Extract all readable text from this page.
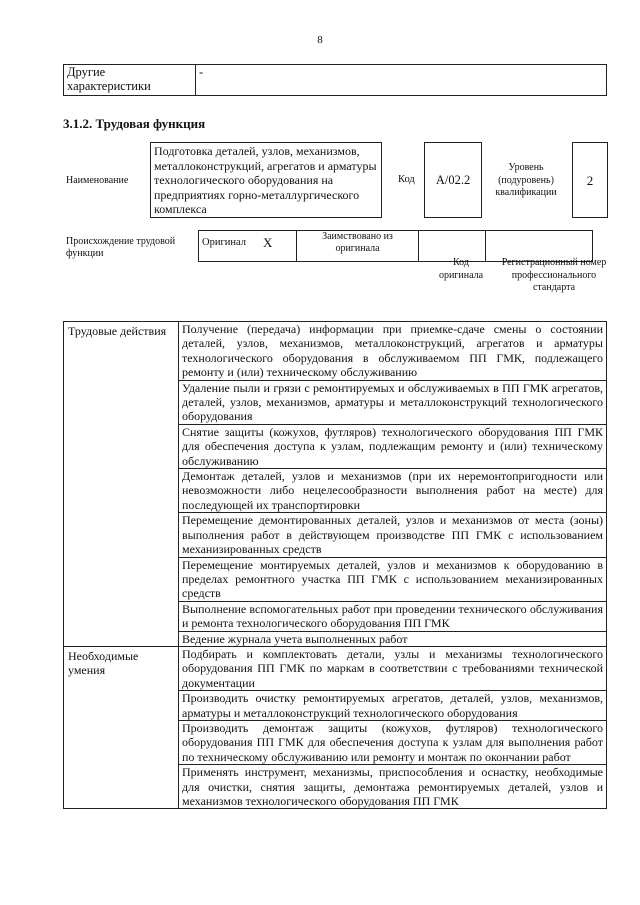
8
Другие характеристики	-
3.1.2. Трудовая функция
Наименование
Подготовка деталей, узлов, механизмов, металлоконструкций, агрегатов и арматуры технологического оборудования на предприятиях горно-металлургического комплекса
Код	А/02.2
Уровень (подуровень) квалификации
2
Происхождение трудовой функции
Оригинал	X	Заимствовано из оригинала		
Код оригинала
Регистрационный номер профессионального стандарта
Трудовые действия	Получение (передача) информации при приемке-сдаче смены о состоянии деталей, узлов, механизмов, металлоконструкций, агрегатов и арматуры технологического оборудования в обслуживаемом ПП ГМК, подлежащего ремонту и (или) техническому обслуживанию
	Удаление пыли и грязи с ремонтируемых и обслуживаемых в ПП ГМК агрегатов, деталей, узлов, механизмов, арматуры и металлоконструкций технологического оборудования
	Снятие защиты (кожухов, футляров) технологического оборудования ПП ГМК для обеспечения доступа к узлам, подлежащим ремонту и (или) техническому обслуживанию
	Демонтаж деталей, узлов и механизмов (при их неремонтопригодности или невозможности либо нецелесообразности выполнения работ на месте) для последующей их транспортировки
	Перемещение демонтированных деталей, узлов и механизмов от места (зоны) выполнения работ в действующем производстве ПП ГМК с использованием механизированных средств
	Перемещение монтируемых деталей, узлов и механизмов к оборудованию в пределах ремонтного участка ПП ГМК с использованием механизированных средств
	Выполнение вспомогательных работ при проведении технического обслуживания и ремонта технологического оборудования ПП ГМК
	Ведение журнала учета выполненных работ
Необходимые умения	Подбирать и комплектовать детали, узлы и механизмы технологического оборудования ПП ГМК по маркам в соответствии с требованиями технической документации
	Производить очистку ремонтируемых агрегатов, деталей, узлов, механизмов, арматуры и металлоконструкций технологического оборудования
	Производить демонтаж защиты (кожухов, футляров) технологического оборудования ПП ГМК для обеспечения доступа к узлам для выполнения работ по техническому обслуживанию или ремонту и монтаж по окончании работ
	Применять инструмент, механизмы, приспособления и оснастку, необходимые для очистки, снятия защиты, демонтажа ремонтируемых деталей, узлов и механизмов технологического оборудования ПП ГМК
